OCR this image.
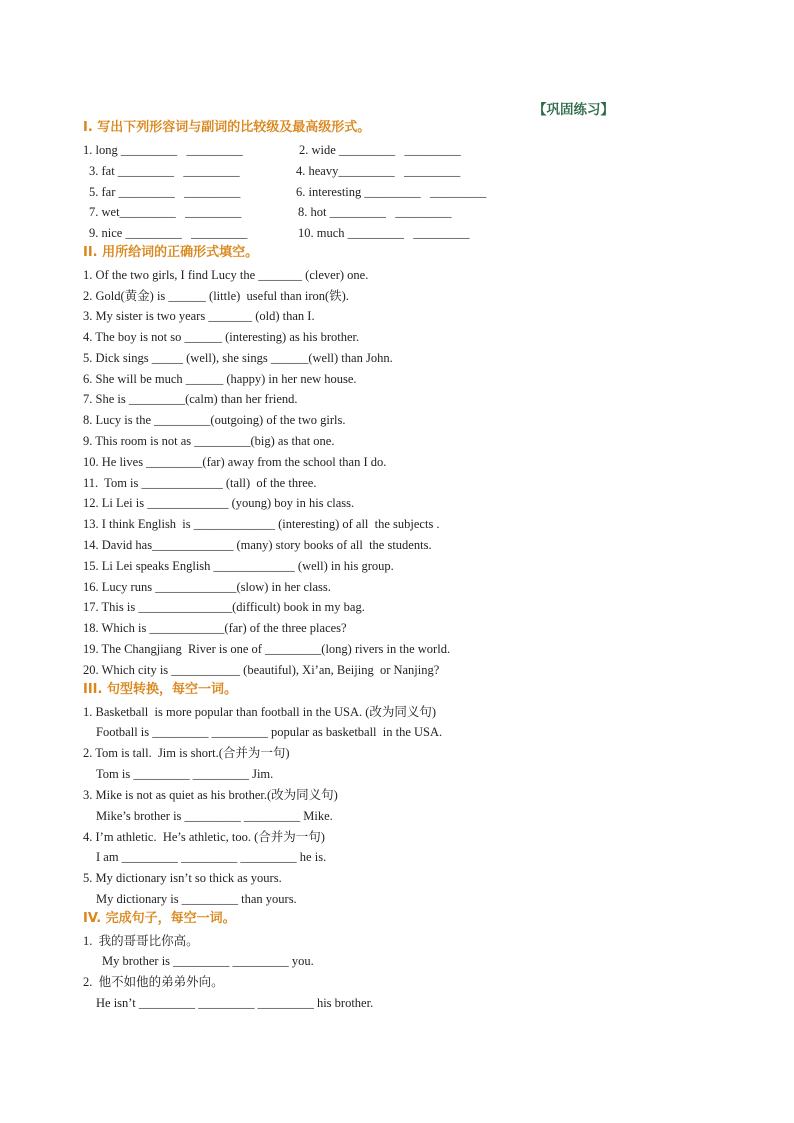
【巩固练习】
I. 写出下列形容词与副词的比较级及最高级形式。
1. long _________   _________
3. fat _________   _________
5. far _________   _________
7. wet_________   _________
9. nice _________   _________
2. wide _________   _________
4. heavy_________   _________
6. interesting _________   _________
8. hot _________   _________
10. much _________   _________
II. 用所给词的正确形式填空。
1. Of the two girls, I find Lucy the _______ (clever) one.
2. Gold(黄金) is ______ (little)  useful than iron(铁).
3. My sister is two years _______ (old) than I.
4. The boy is not so ______ (interesting) as his brother.
5. Dick sings _____ (well), she sings ______(well) than John.
6. She will be much ______ (happy) in her new house.
7. She is _________(calm) than her friend.
8. Lucy is the _________(outgoing) of the two girls.
9. This room is not as _________(big) as that one.
10. He lives _________(far) away from the school than I do.
11.  Tom is _____________ (tall)  of the three.
12. Li Lei is _____________ (young) boy in his class.
13. I think English  is _____________ (interesting) of all  the subjects .
14. David has_____________ (many) story books of all  the students.
15. Li Lei speaks English _____________ (well) in his group.
16. Lucy runs _____________(slow) in her class.
17. This is _______________(difficult) book in my bag.
18. Which is ____________(far) of the three places?
19. The Changjiang  River is one of _________(long) rivers in the world.
20. Which city is ___________ (beautiful), Xi’an, Beijing  or Nanjing?
III. 句型转换，每空一词。
1. Basketball  is more popular than football in the USA. (改为同义句)
Football is _________ _________ popular as basketball  in the USA.
2. Tom is tall.  Jim is short.(合并为一句)
Tom is _________ _________ Jim.
3. Mike is not as quiet as his brother.(改为同义句)
Mike’s brother is _________ _________ Mike.
4. I’m athletic.  He’s athletic, too. (合并为一句)
I am _________ _________ _________ he is.
5. My dictionary isn’t so thick as yours.
My dictionary is _________ than yours.
IV. 完成句子，每空一词。
1.  我的哥哥比你高。
My brother is _________ _________ you.
2.  他不如他的弟弟外向。
He isn’t _________ _________ _________ his brother.
